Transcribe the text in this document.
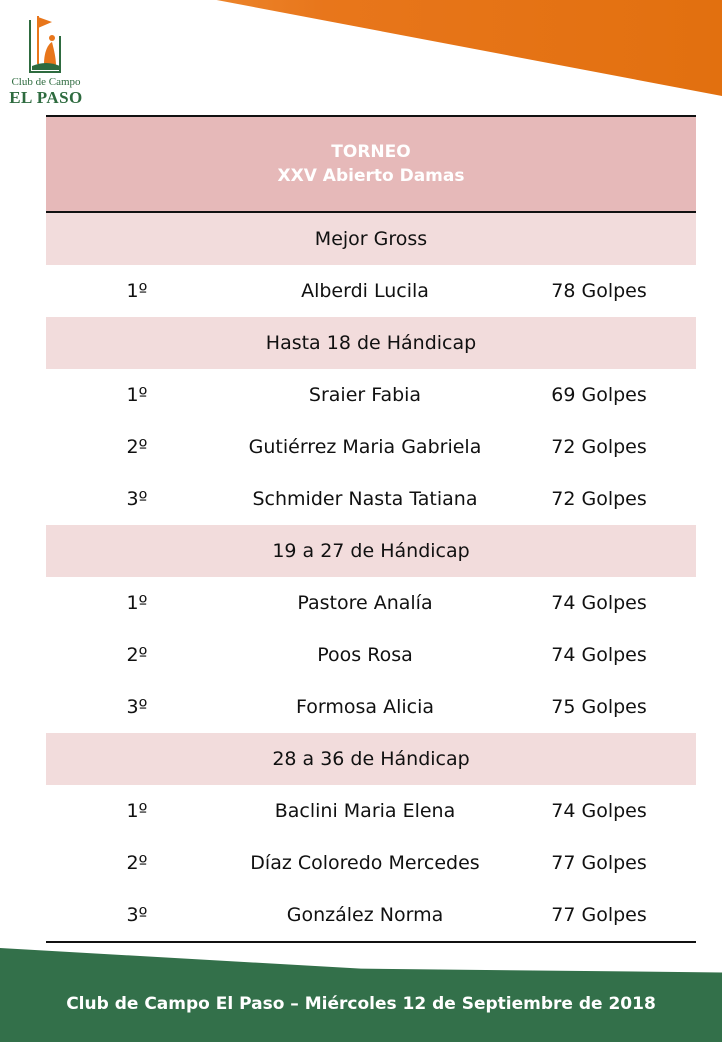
Club de Campo
EL PASO
TORNEO
XXV Abierto Damas
Mejor Gross
1º	Alberdi Lucila	78 Golpes
Hasta 18 de Hándicap
1º	Sraier Fabia	69 Golpes
2º	Gutiérrez Maria Gabriela	72 Golpes
3º	Schmider Nasta Tatiana	72 Golpes
19 a 27 de Hándicap
1º	Pastore Analía	74 Golpes
2º	Poos Rosa	74 Golpes
3º	Formosa Alicia	75 Golpes
28 a 36 de Hándicap
1º	Baclini Maria Elena	74 Golpes
2º	Díaz Coloredo Mercedes	77 Golpes
3º	González Norma	77 Golpes
Club de Campo El Paso – Miércoles 12 de Septiembre de 2018
